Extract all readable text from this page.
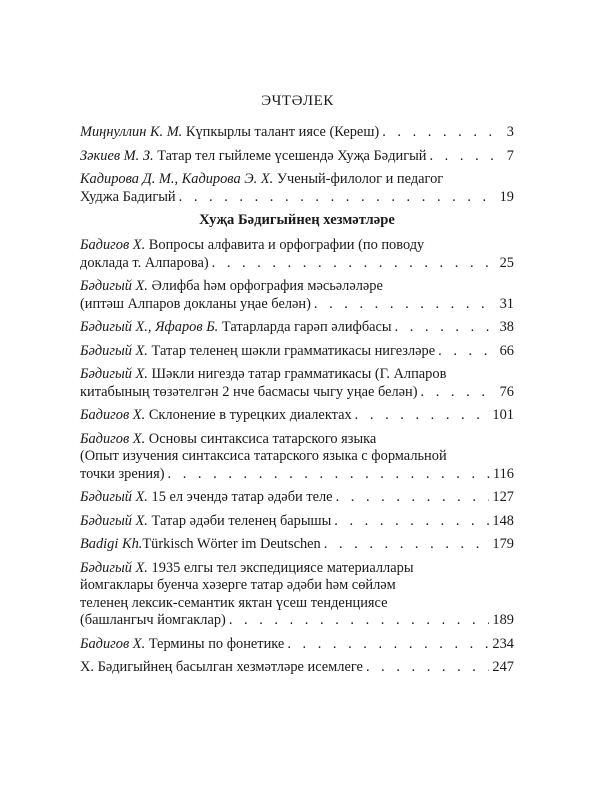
ЭЧТӘЛЕК
Миңнуллин К. М. Күпкырлы талант иясе (Кереш) . . .	3
Зәкиев М. З. Татар тел гыйлеме үсешендә Хуҗа Бәдигый . . .	7
Кадирова Д. М., Кадирова Э. Х. Ученый-филолог и педагог
Худжа Бадигый . . .	19
Хуҗа Бәдигыйнең хезмәтләре
Бадигов Х. Вопросы алфавита и орфографии (по поводу
доклада т. Алпарова) . . .	25
Бәдигый Х. Әлифба һәм орфография мәсьәләләре
(иптәш Алпаров докланы уңае белән) . . .	31
Бәдигый Х., Яфаров Б. Татарларда гарәп әлифбасы . . .	38
Бәдигый Х. Татар теленең шәкли грамматикасы нигезләре . . .	66
Бәдигый Х. Шәкли нигездә татар грамматикасы (Г. Алпаров
китабының төзәтелгән 2 нче басмасы чыгу уңае белән) . . .	76
Бадигов Х. Склонение в турецких диалектах . . .	101
Бадигов Х. Основы синтаксиса татарского языка
(Опыт изучения синтаксиса татарского языка с формальной
точки зрения) . . .	116
Бәдигый Х. 15 ел эчендә татар әдәби теле . . .	127
Бәдигый Х. Татар әдәби теленең барышы . . .	148
Badigi Kh.Türkisch Wörter im Deutschen . . .	179
Бәдигый Х. 1935 елгы тел экспедициясе материаллары
йомгаклары буенча хәзерге татар әдәби һәм сөйләм
теленең лексик-семантик яктан үсеш тенденциясе
(башлангыч йомгаклар) . . .	189
Бадигов Х. Термины по фонетике . . .	234
Х. Бәдигыйнең басылган хезмәтләре исемлеге . . .	247
